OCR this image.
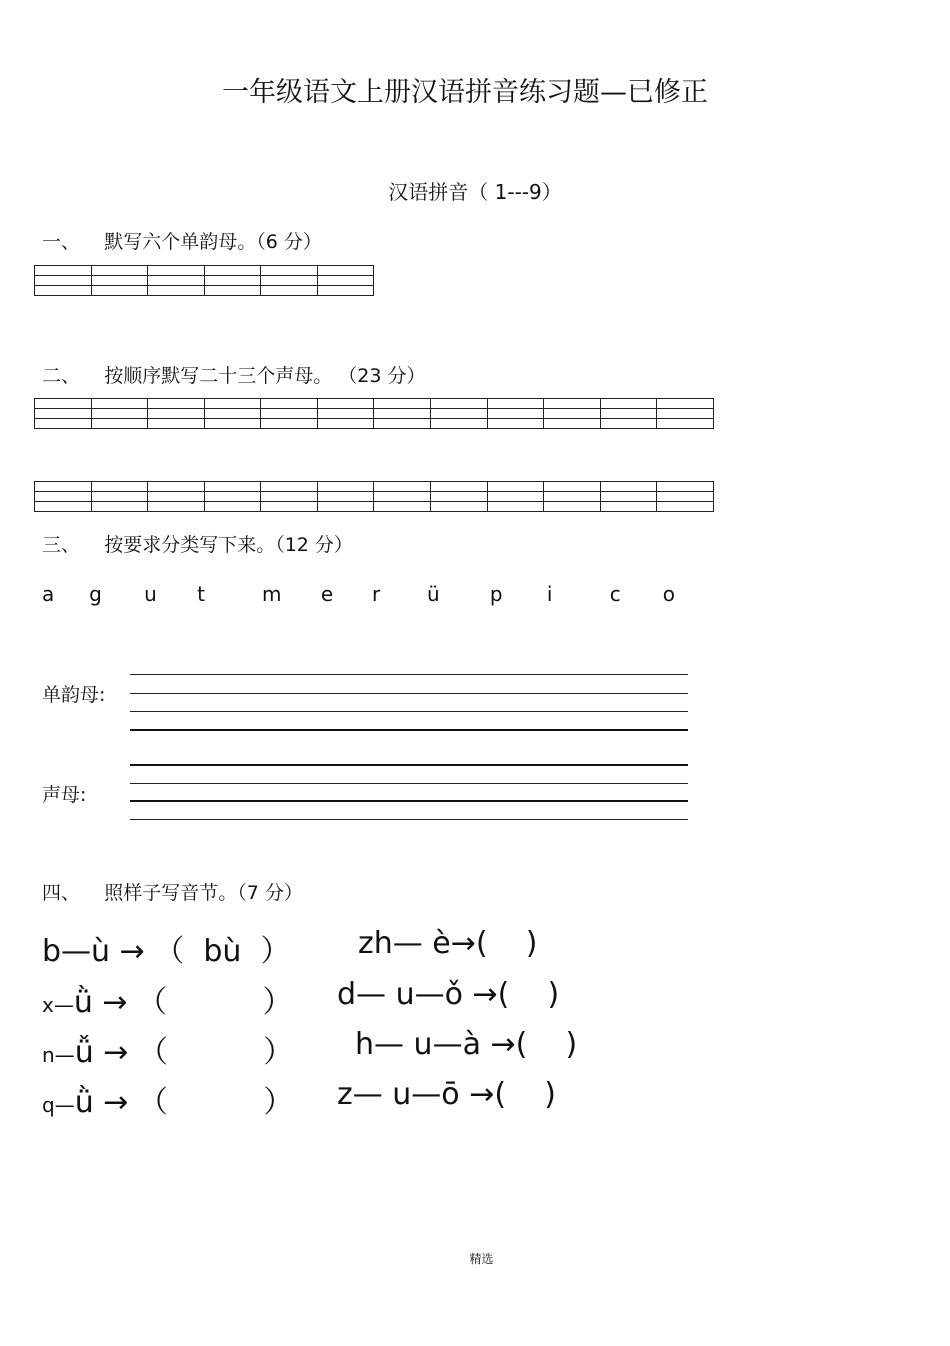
一年级语文上册汉语拼音练习题—已修正
汉语拼音（ 1---9）
一、 默写六个单韵母。（6 分）

二、 按顺序默写二十三个声母。 （23 分）

三、 按要求分类写下来。（12 分）
a	g	u	t	m	e	r	ü	p	i	c	o
单韵母:
声母:
四、 照样子写音节。（7 分）
b—ù → （  bù  ）
x—ǜ → （          ）
n—ǚ → （          ）
q—ǜ → （          ）
zh— è→(    )
d— u—ǒ →(    )
h— u—à →(    )
z— u—ō →(    )
精选
